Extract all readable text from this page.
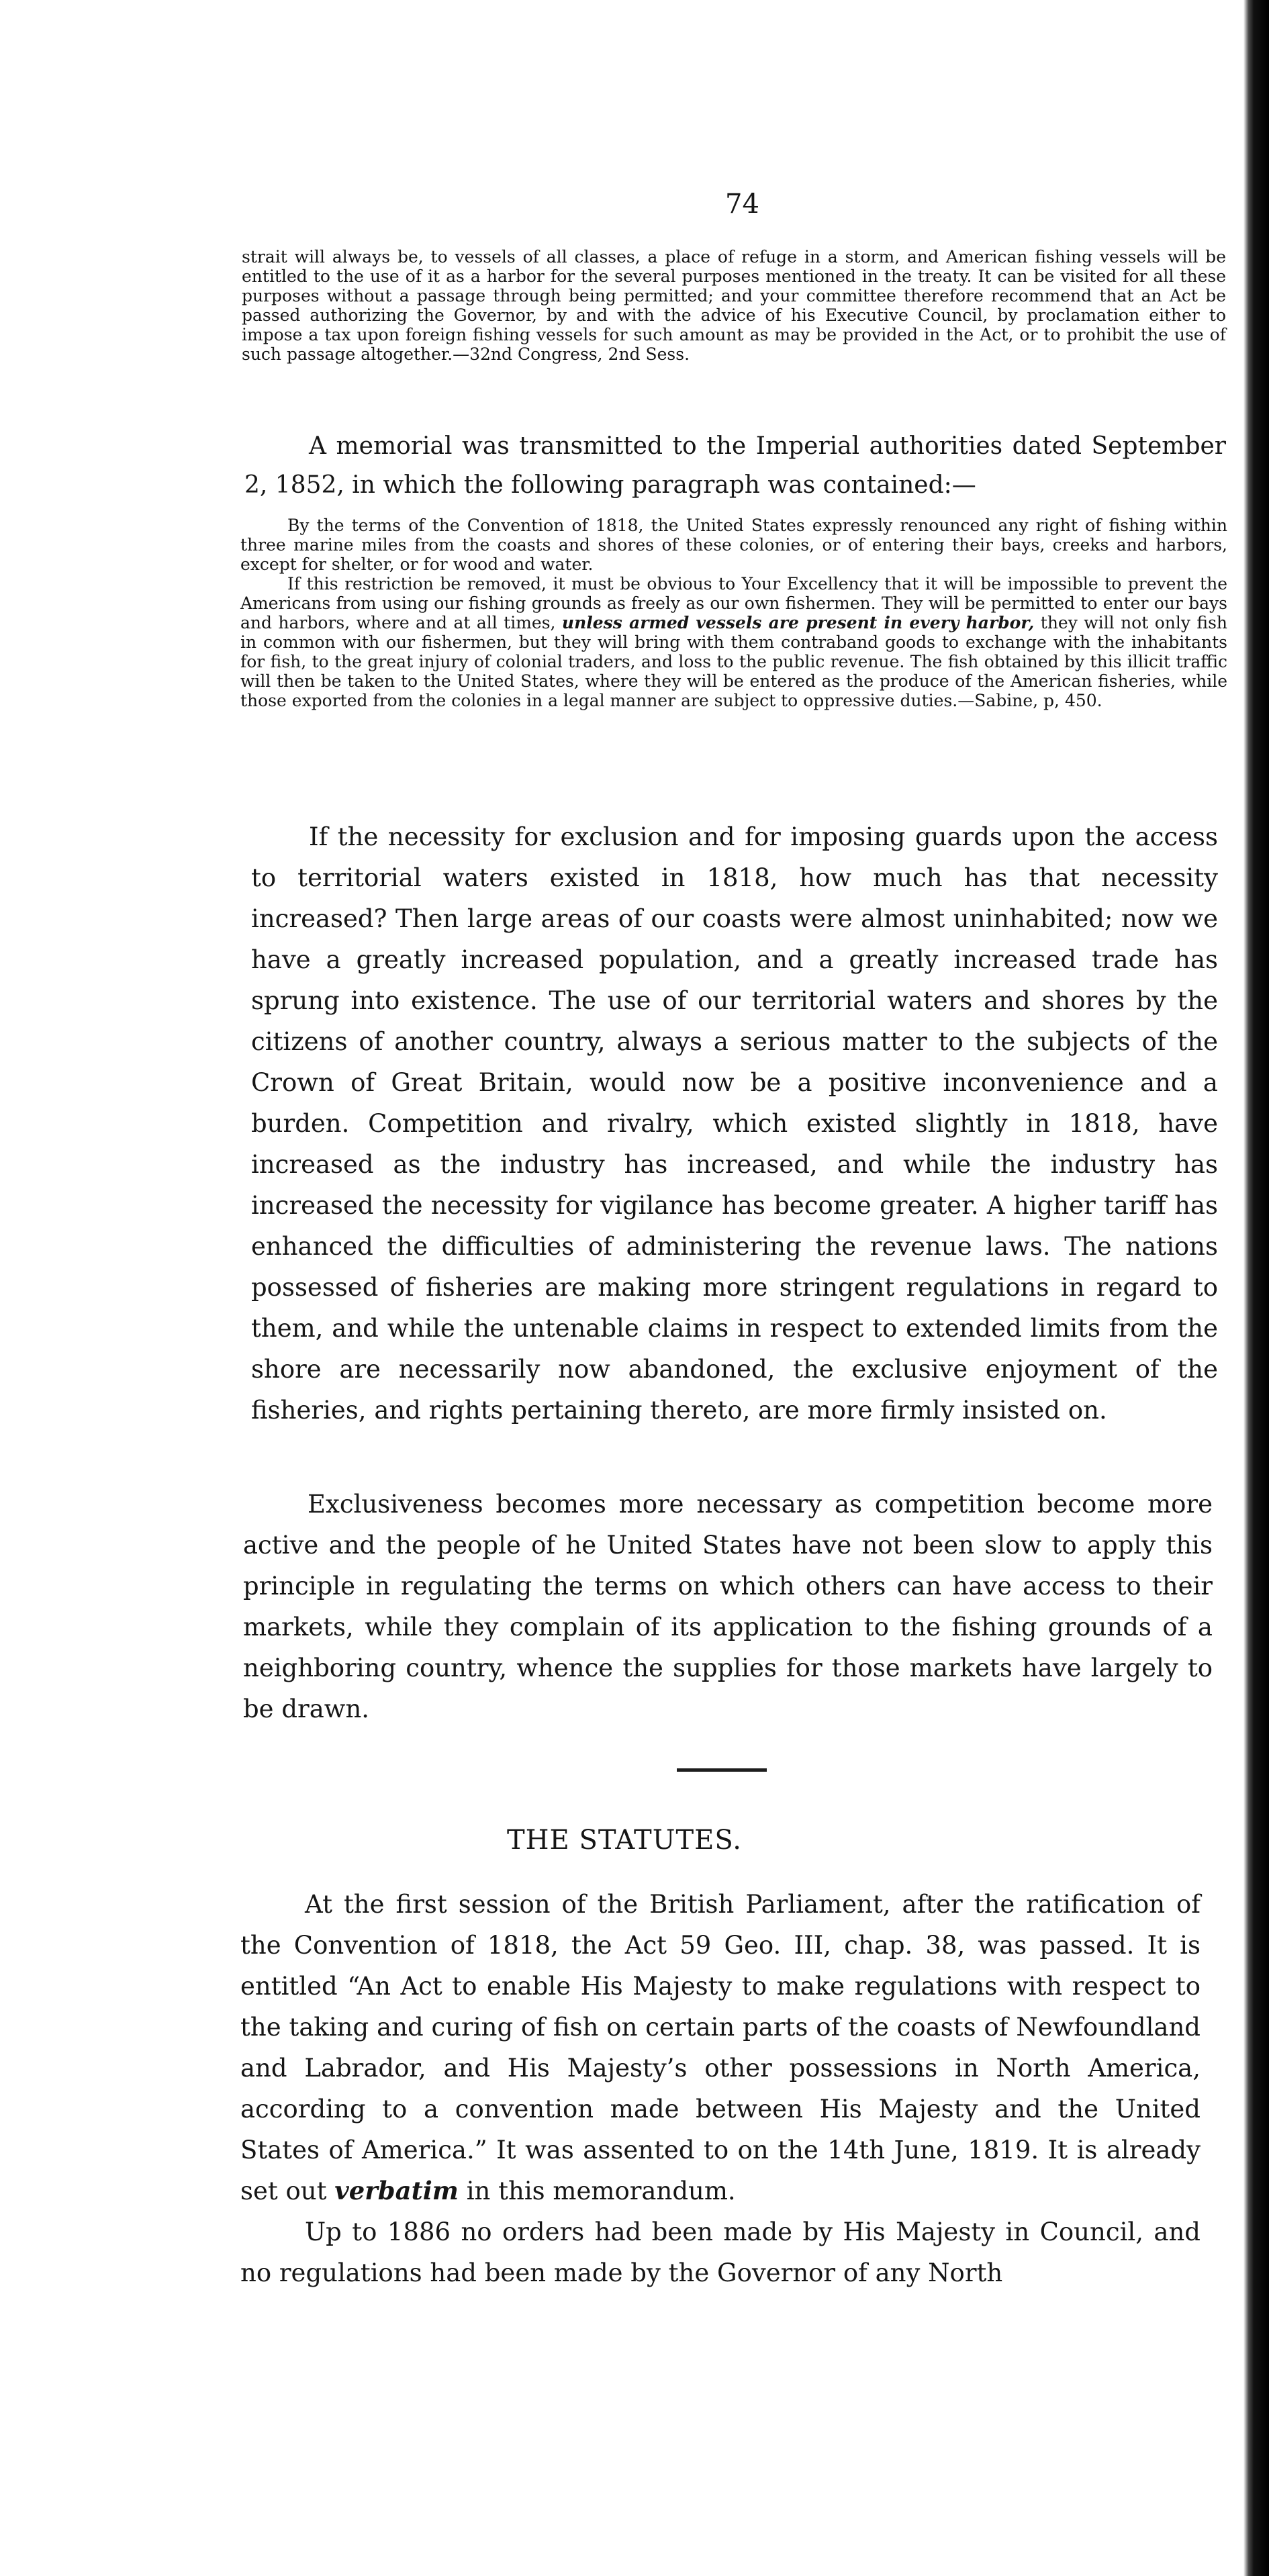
74

strait will always be, to vessels of all classes, a place of refuge in a storm, and American fishing vessels will be entitled to the use of it as a harbor for the several purposes mentioned in the treaty. It can be visited for all these purposes without a passage through being permitted; and your committee therefore recommend that an Act be passed authorizing the Governor, by and with the advice of his Executive Council, by proclamation either to impose a tax upon foreign fishing vessels for such amount as may be provided in the Act, or to prohibit the use of such passage altogether.—32nd Congress, 2nd Sess.

A memorial was transmitted to the Imperial authorities dated September 2, 1852, in which the following paragraph was contained:—

By the terms of the Convention of 1818, the United States expressly renounced any right of fishing within three marine miles from the coasts and shores of these colonies, or of entering their bays, creeks and harbors, except for shelter, or for wood and water.

If this restriction be removed, it must be obvious to Your Excellency that it will be impossible to prevent the Americans from using our fishing grounds as freely as our own fishermen. They will be permitted to enter our bays and harbors, where and at all times, unless armed vessels are present in every harbor, they will not only fish in common with our fishermen, but they will bring with them contraband goods to exchange with the inhabitants for fish, to the great injury of colonial traders, and loss to the public revenue. The fish obtained by this illicit traffic will then be taken to the United States, where they will be entered as the produce of the American fisheries, while those exported from the colonies in a legal manner are subject to oppressive duties.—Sabine, p, 450.

If the necessity for exclusion and for imposing guards upon the access to territorial waters existed in 1818, how much has that necessity increased? Then large areas of our coasts were almost uninhabited; now we have a greatly increased population, and a greatly increased trade has sprung into existence. The use of our territorial waters and shores by the citizens of another country, always a serious matter to the subjects of the Crown of Great Britain, would now be a positive inconvenience and a burden. Competition and rivalry, which existed slightly in 1818, have increased as the industry has increased, and while the industry has increased the necessity for vigilance has become greater. A higher tariff has enhanced the difficulties of administering the revenue laws. The nations possessed of fisheries are making more stringent regulations in regard to them, and while the untenable claims in respect to extended limits from the shore are necessarily now abandoned, the exclusive enjoyment of the fisheries, and rights pertaining thereto, are more firmly insisted on.

Exclusiveness becomes more necessary as competition become more active and the people of he United States have not been slow to apply this principle in regulating the terms on which others can have access to their markets, while they complain of its application to the fishing grounds of a neighboring country, whence the supplies for those markets have largely to be drawn.

THE STATUTES.

At the first session of the British Parliament, after the ratification of the Convention of 1818, the Act 59 Geo. III, chap. 38, was passed. It is entitled “An Act to enable His Majesty to make regulations with respect to the taking and curing of fish on certain parts of the coasts of Newfoundland and Labrador, and His Majesty’s other possessions in North America, according to a convention made between His Majesty and the United States of America.” It was assented to on the 14th June, 1819. It is already set out verbatim in this memorandum.

Up to 1886 no orders had been made by His Majesty in Council, and no regulations had been made by the Governor of any North
